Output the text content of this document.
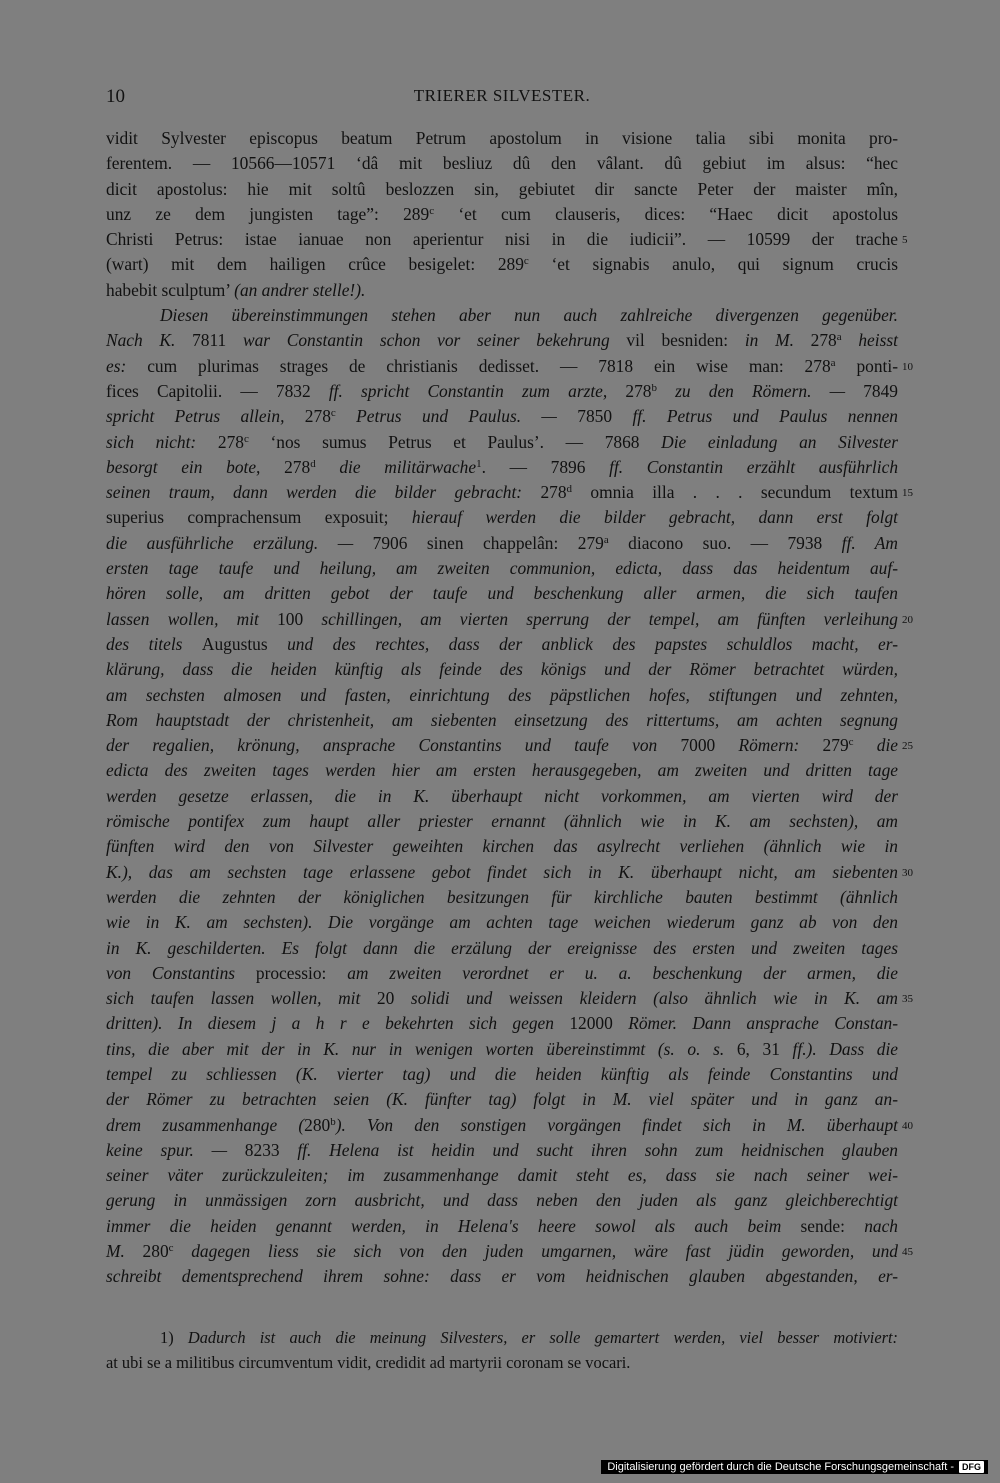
10	TRIERER SILVESTER.
vidit Sylvester episcopus beatum Petrum apostolum in visione talia sibi monita pro-
ferentem. — 10566—10571 ‘dâ mit besliuz dû den vâlant. dû gebiut im alsus: “hec
dicit apostolus: hie mit soltû beslozzen sin, gebiutet dir sancte Peter der maister mîn,
unz ze dem jungisten tage”: 289$^c$ ‘et cum clauseris, dices: “Haec dicit apostolus
Christi Petrus: istae ianuae non aperientur nisi in die iudicii”. — 10599 der trache
(wart) mit dem hailigen crûce besigelet: 289$^c$ ‘et signabis anulo, qui signum crucis
habebit sculptum’ (an andrer stelle!).
Diesen übereinstimmungen stehen aber nun auch zahlreiche divergenzen gegenüber.
Nach K. 7811 war Constantin schon vor seiner bekehrung vil besniden: in M. 278$^a$ heisst
es: cum plurimas strages de christianis dedisset. — 7818 ein wise man: 278$^a$ ponti-
fices Capitolii. — 7832 ff. spricht Constantin zum arzte, 278$^b$ zu den Römern. — 7849
spricht Petrus allein, 278$^c$ Petrus und Paulus. — 7850 ff. Petrus und Paulus nennen
sich nicht: 278$^c$ ‘nos sumus Petrus et Paulus’. — 7868 Die einladung an Silvester
besorgt ein bote, 278$^d$ die militärwache$^1$. — 7896 ff. Constantin erzählt ausführlich
seinen traum, dann werden die bilder gebracht: 278$^d$ omnia illa . . . secundum textum
superius comprachensum exposuit; hierauf werden die bilder gebracht, dann erst folgt
die ausführliche erzälung. — 7906 sinen chappelân: 279$^a$ diacono suo. — 7938 ff. Am
ersten tage taufe und heilung, am zweiten communion, edicta, dass das heidentum auf-
hören solle, am dritten gebot der taufe und beschenkung aller armen, die sich taufen
lassen wollen, mit 100 schillingen, am vierten sperrung der tempel, am fünften verleihung
des titels Augustus und des rechtes, dass der anblick des papstes schuldlos macht, er-
klärung, dass die heiden künftig als feinde des königs und der Römer betrachtet würden,
am sechsten almosen und fasten, einrichtung des päpstlichen hofes, stiftungen und zehnten,
Rom hauptstadt der christenheit, am siebenten einsetzung des rittertums, am achten segnung
der regalien, krönung, ansprache Constantins und taufe von 7000 Römern: 279$^c$ die
edicta des zweiten tages werden hier am ersten herausgegeben, am zweiten und dritten tage
werden gesetze erlassen, die in K. überhaupt nicht vorkommen, am vierten wird der
römische pontifex zum haupt aller priester ernannt (ähnlich wie in K. am sechsten), am
fünften wird den von Silvester geweihten kirchen das asylrecht verliehen (ähnlich wie in
K.), das am sechsten tage erlassene gebot findet sich in K. überhaupt nicht, am siebenten
werden die zehnten der königlichen besitzungen für kirchliche bauten bestimmt (ähnlich
wie in K. am sechsten). Die vorgänge am achten tage weichen wiederum ganz ab von den
in K. geschilderten. Es folgt dann die erzälung der ereignisse des ersten und zweiten tages
von Constantins processio: am zweiten verordnet er u. a. beschenkung der armen, die
sich taufen lassen wollen, mit 20 solidi und weissen kleidern (also ähnlich wie in K. am
dritten). In diesem j a h r e bekehrten sich gegen 12000 Römer. Dann ansprache Constan-
tins, die aber mit der in K. nur in wenigen worten übereinstimmt (s. o. s. 6, 31 ff.). Dass die
tempel zu schliessen (K. vierter tag) und die heiden künftig als feinde Constantins und
der Römer zu betrachten seien (K. fünfter tag) folgt in M. viel später und in ganz an-
drem zusammenhange (280$^b$). Von den sonstigen vorgängen findet sich in M. überhaupt
keine spur. — 8233 ff. Helena ist heidin und sucht ihren sohn zum heidnischen glauben
seiner väter zurückzuleiten; im zusammenhange damit steht es, dass sie nach seiner wei-
gerung in unmässigen zorn ausbricht, und dass neben den juden als ganz gleichberechtigt
immer die heiden genannt werden, in Helena's heere sowol als auch beim sende: nach
M. 280$^c$ dagegen liess sie sich von den juden umgarnen, wäre fast jüdin geworden, und
schreibt dementsprechend ihrem sohne: dass er vom heidnischen glauben abgestanden, er-
5
10
15
20
25
30
35
40
45
1) Dadurch ist auch die meinung Silvesters, er solle gemartert werden, viel besser motiviert:
at ubi se a militibus circumventum vidit, credidit ad martyrii coronam se vocari.
Digitalisierung gefördert durch die Deutsche Forschungsgemeinschaft - DFG
